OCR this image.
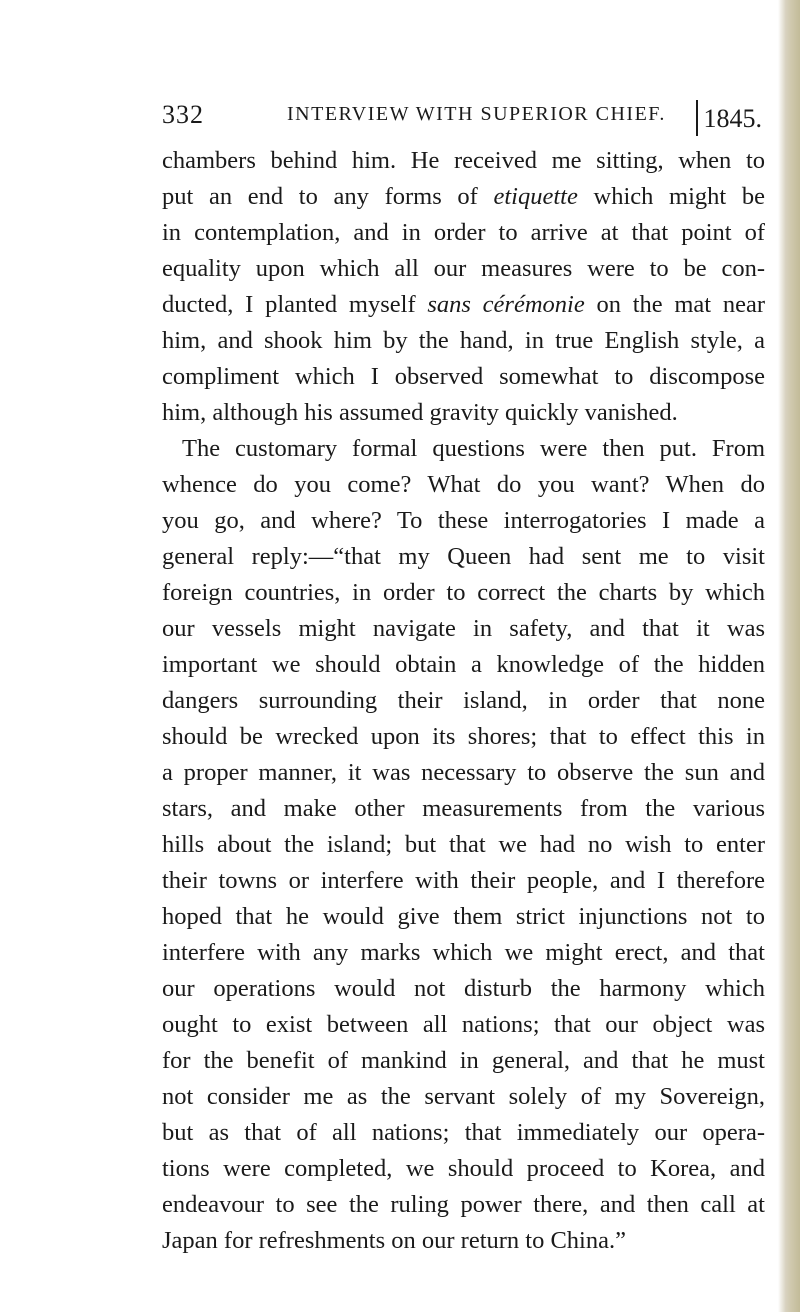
332	INTERVIEW WITH SUPERIOR CHIEF.	1845.
chambers behind him. He received me sitting, when to
put an end to any forms of etiquette which might be
in contemplation, and in order to arrive at that point of
equality upon which all our measures were to be con-
ducted, I planted myself sans cérémonie on the mat near
him, and shook him by the hand, in true English style, a
compliment which I observed somewhat to discompose
him, although his assumed gravity quickly vanished.
The customary formal questions were then put. From
whence do you come? What do you want? When do
you go, and where? To these interrogatories I made a
general reply:—“that my Queen had sent me to visit
foreign countries, in order to correct the charts by which
our vessels might navigate in safety, and that it was
important we should obtain a knowledge of the hidden
dangers surrounding their island, in order that none
should be wrecked upon its shores; that to effect this in
a proper manner, it was necessary to observe the sun and
stars, and make other measurements from the various
hills about the island; but that we had no wish to enter
their towns or interfere with their people, and I therefore
hoped that he would give them strict injunctions not to
interfere with any marks which we might erect, and that
our operations would not disturb the harmony which
ought to exist between all nations; that our object was
for the benefit of mankind in general, and that he must
not consider me as the servant solely of my Sovereign,
but as that of all nations; that immediately our opera-
tions were completed, we should proceed to Korea, and
endeavour to see the ruling power there, and then call at
Japan for refreshments on our return to China.”
